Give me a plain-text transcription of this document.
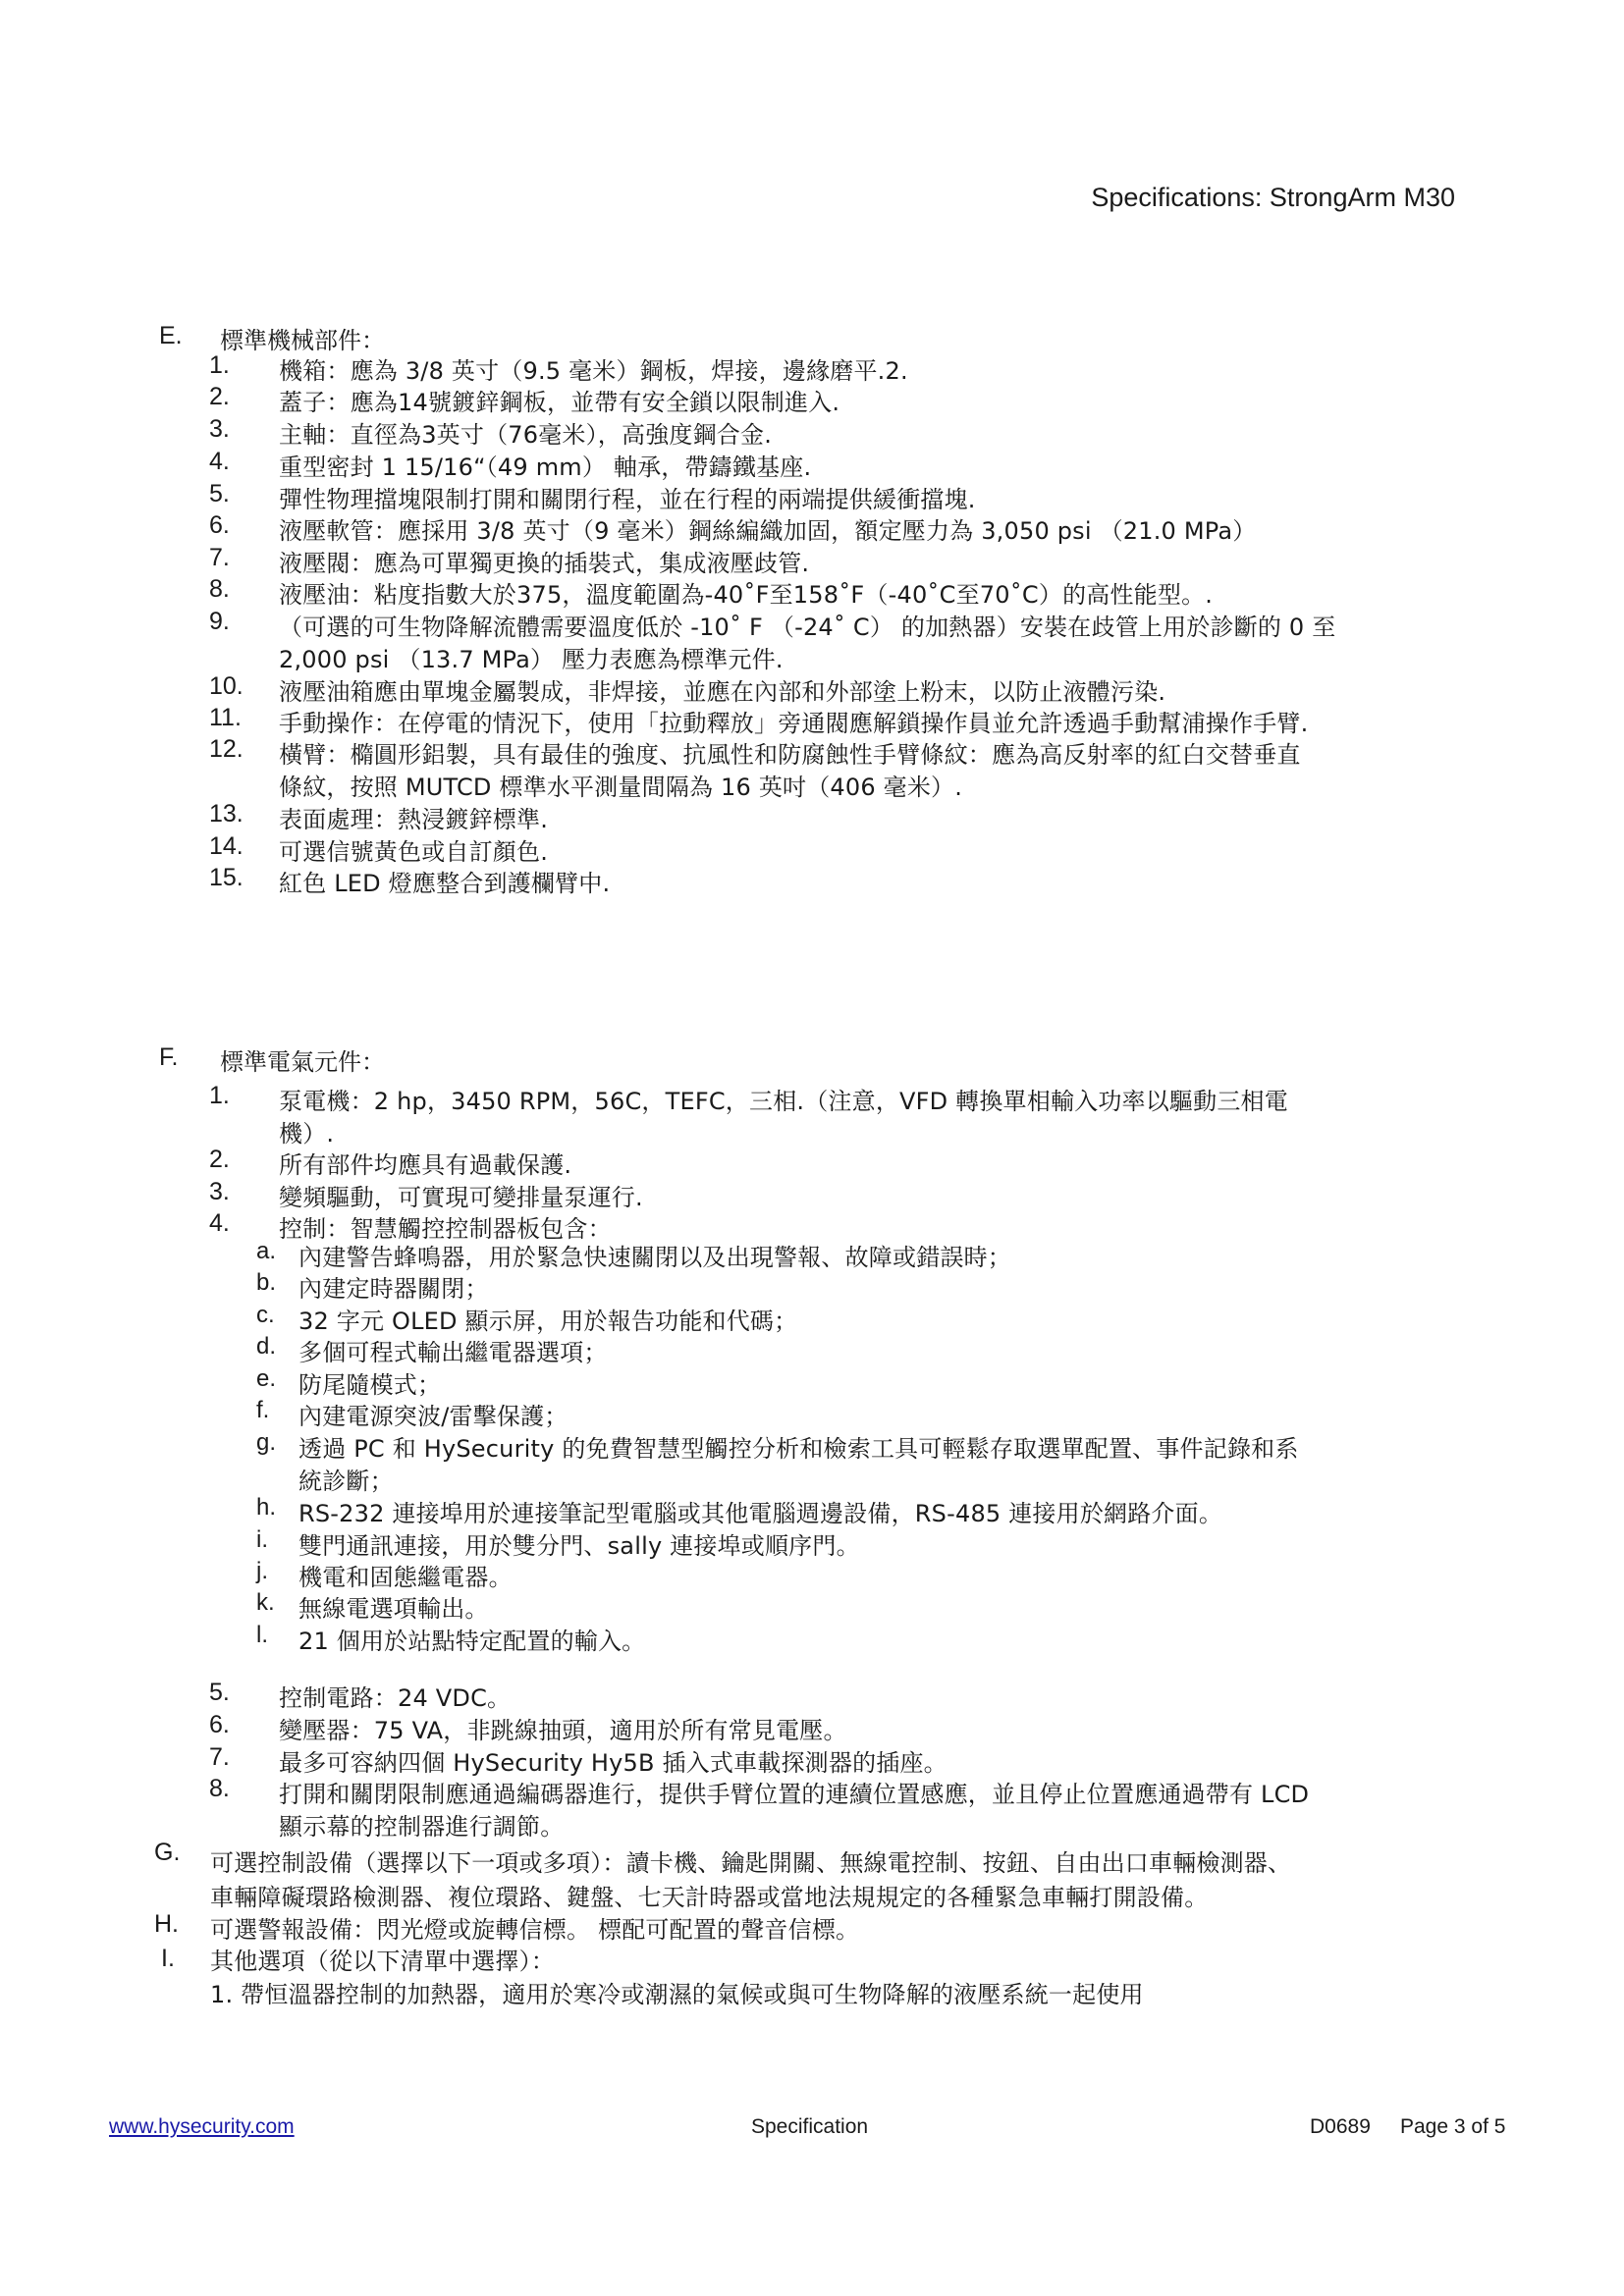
Specifications: StrongArm M30
E. 標準機械部件：
1. 機箱：應為 3/8 英寸（9.5 毫米）鋼板，焊接，邊緣磨平.2.
2. 蓋子：應為14號鍍鋅鋼板，並帶有安全鎖以限制進入.
3. 主軸：直徑為3英寸（76毫米），高強度鋼合金.
4. 重型密封 1 15/16“（49 mm） 軸承，帶鑄鐵基座.
5. 彈性物理擋塊限制打開和關閉行程，並在行程的兩端提供緩衝擋塊.
6. 液壓軟管：應採用 3/8 英寸（9 毫米）鋼絲編織加固，額定壓力為 3,050 psi （21.0 MPa）
7. 液壓閥：應為可單獨更換的插裝式，集成液壓歧管.
8. 液壓油：粘度指數大於375，溫度範圍為-40˚F至158˚F（-40˚C至70˚C）的高性能型。.
9. （可選的可生物降解流體需要溫度低於 -10˚ F （-24˚ C） 的加熱器）安裝在歧管上用於診斷的 0 至
2,000 psi （13.7 MPa） 壓力表應為標準元件.
10. 液壓油箱應由單塊金屬製成，非焊接，並應在內部和外部塗上粉末，以防止液體污染.
11. 手動操作：在停電的情況下，使用「拉動釋放」旁通閥應解鎖操作員並允許透過手動幫浦操作手臂.
12. 橫臂：橢圓形鋁製，具有最佳的強度、抗風性和防腐蝕性手臂條紋：應為高反射率的紅白交替垂直
條紋，按照 MUTCD 標準水平測量間隔為 16 英吋（406 毫米）.
13. 表面處理：熱浸鍍鋅標準.
14. 可選信號黃色或自訂顏色.
15. 紅色 LED 燈應整合到護欄臂中.
F. 標準電氣元件：
1. 泵電機：2 hp，3450 RPM，56C，TEFC，三相.（注意，VFD 轉換單相輸入功率以驅動三相電
機）.
2. 所有部件均應具有過載保護.
3. 變頻驅動，可實現可變排量泵運行.
4. 控制：智慧觸控控制器板包含：
a. 內建警告蜂鳴器，用於緊急快速關閉以及出現警報、故障或錯誤時；
b. 內建定時器關閉；
c. 32 字元 OLED 顯示屏，用於報告功能和代碼；
d. 多個可程式輸出繼電器選項；
e. 防尾隨模式；
f. 內建電源突波/雷擊保護；
g. 透過 PC 和 HySecurity 的免費智慧型觸控分析和檢索工具可輕鬆存取選單配置、事件記錄和系
統診斷；
h. RS-232 連接埠用於連接筆記型電腦或其他電腦週邊設備，RS-485 連接用於網路介面。
i. 雙門通訊連接，用於雙分門、sally 連接埠或順序門。
j. 機電和固態繼電器。
k. 無線電選項輸出。
l. 21 個用於站點特定配置的輸入。
5. 控制電路：24 VDC。
6. 變壓器：75 VA，非跳線抽頭，適用於所有常見電壓。
7. 最多可容納四個 HySecurity Hy5B 插入式車載探測器的插座。
8. 打開和關閉限制應通過編碼器進行，提供手臂位置的連續位置感應，並且停止位置應通過帶有 LCD
顯示幕的控制器進行調節。
G. 可選控制設備（選擇以下一項或多項）：讀卡機、鑰匙開關、無線電控制、按鈕、自由出口車輛檢測器、
車輛障礙環路檢測器、複位環路、鍵盤、七天計時器或當地法規規定的各種緊急車輛打開設備。
H. 可選警報設備：閃光燈或旋轉信標。 標配可配置的聲音信標。
I. 其他選項（從以下清單中選擇）：
1. 帶恒溫器控制的加熱器，適用於寒冷或潮濕的氣候或與可生物降解的液壓系統一起使用
www.hysecurity.com	Specification	D0689 Page 3 of 5
